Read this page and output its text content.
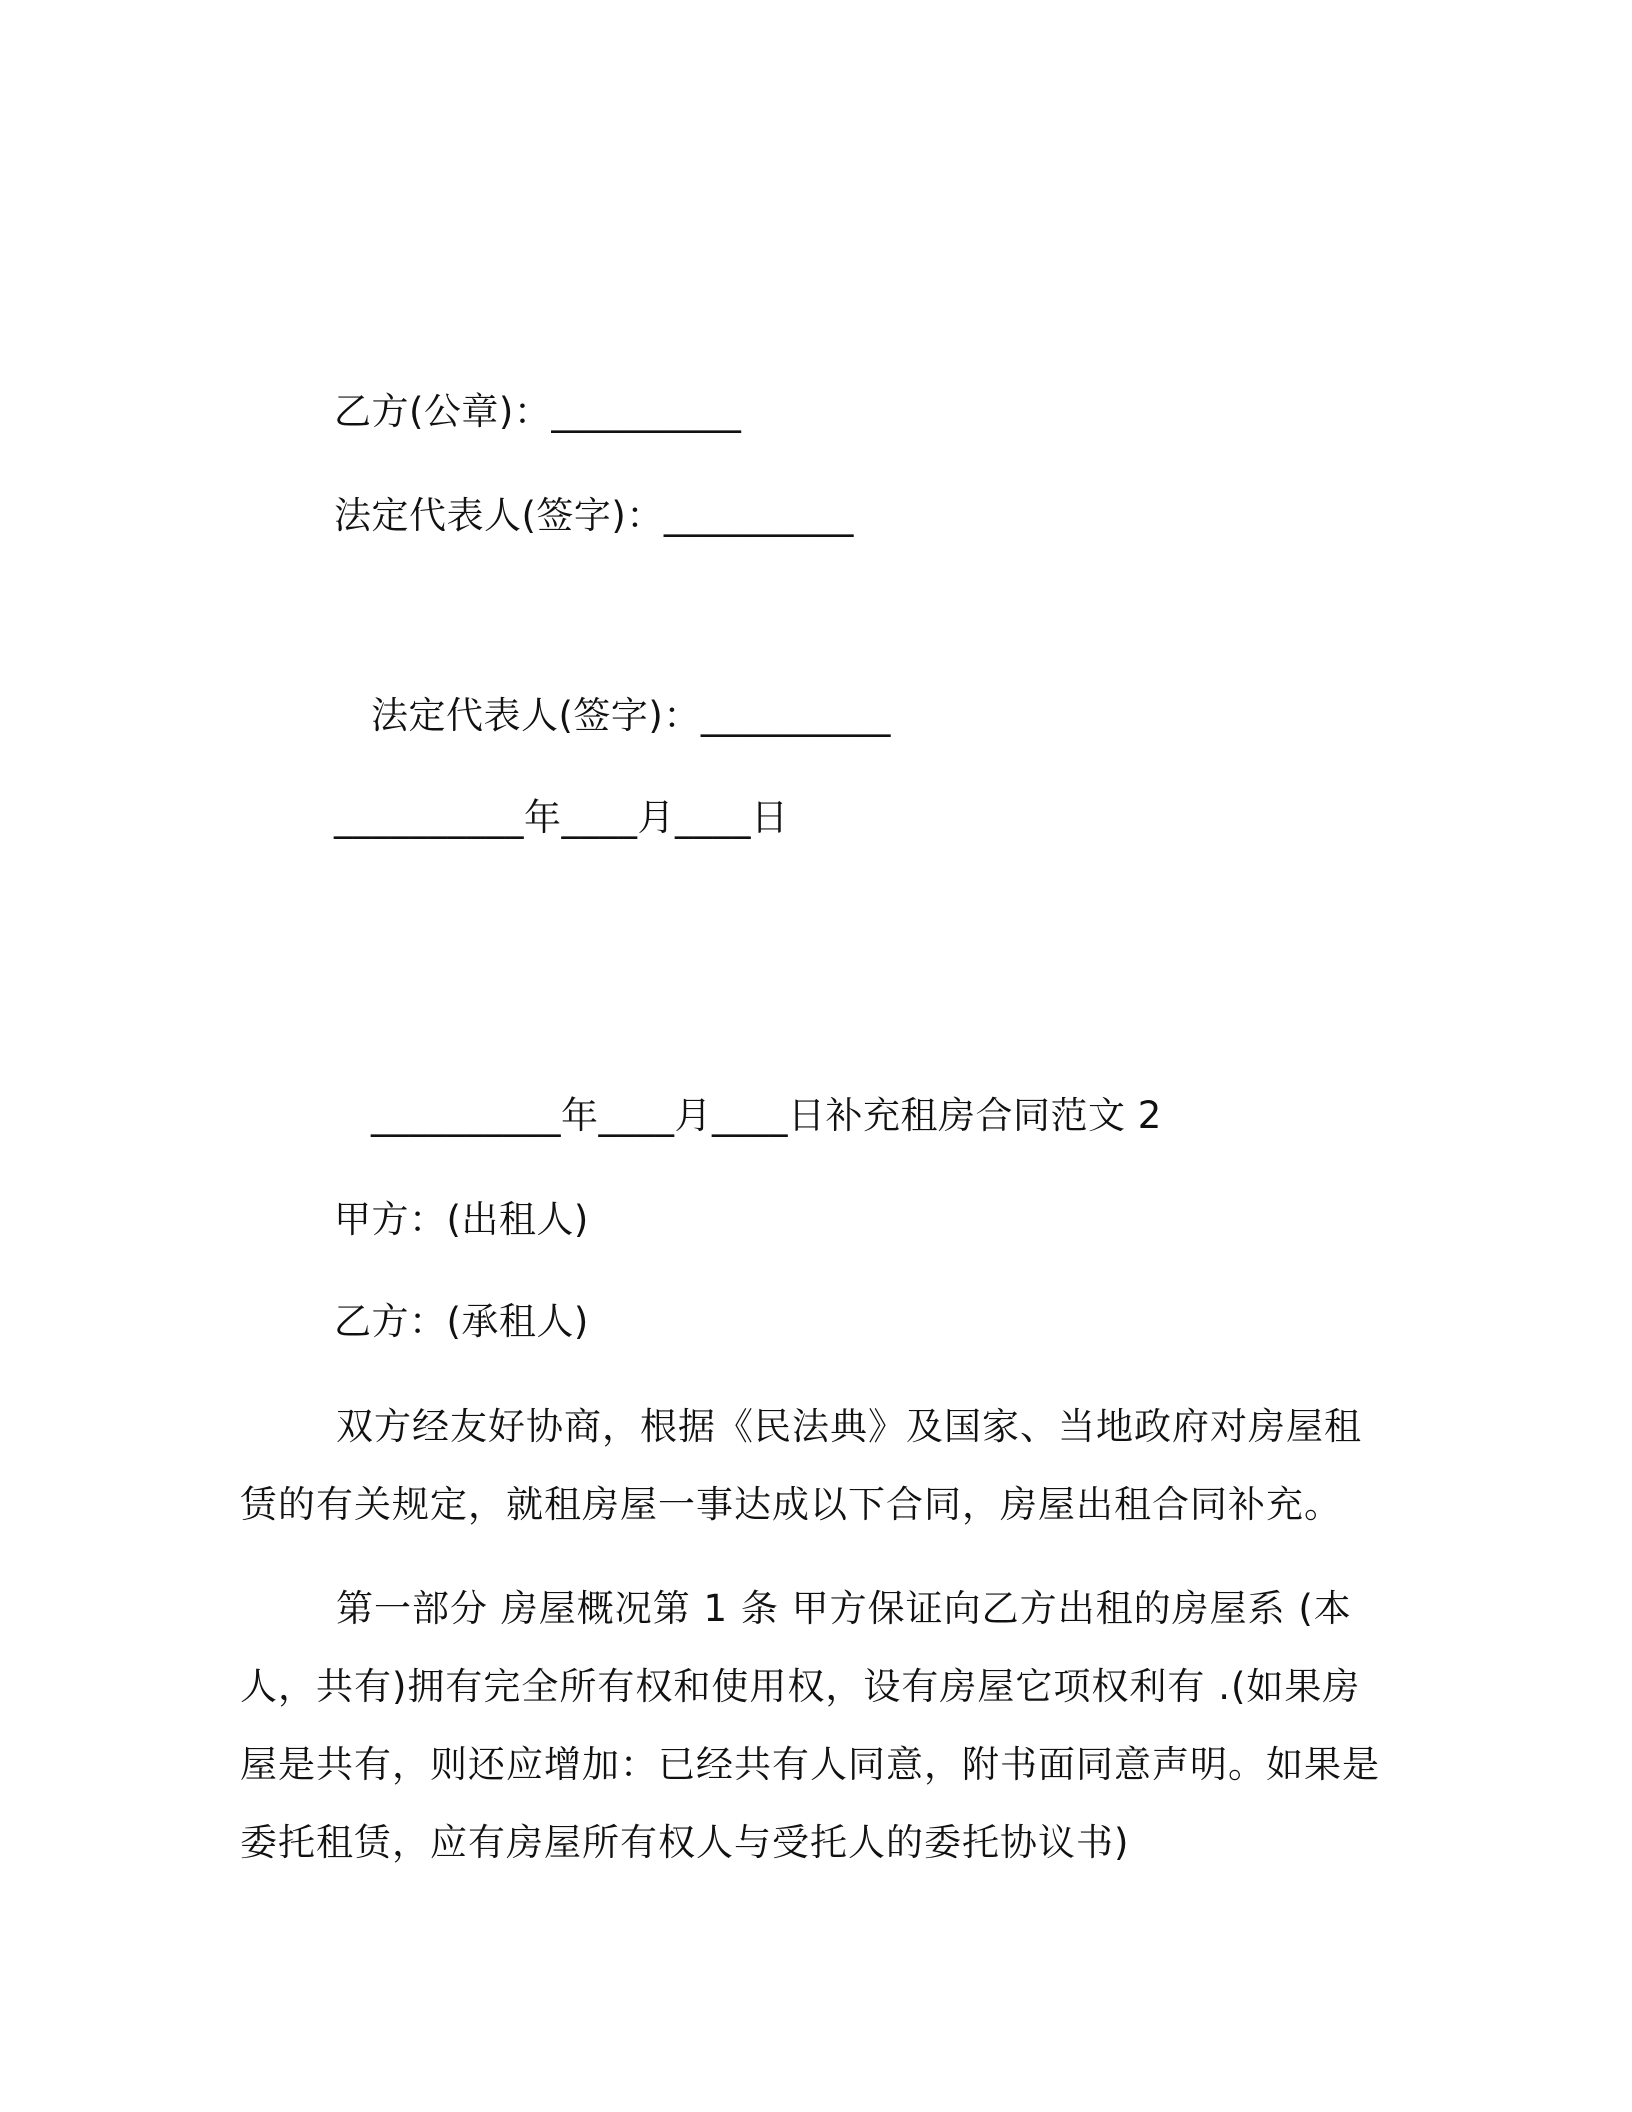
乙方(公章)：__________
法定代表人(签字)：__________
法定代表人(签字)：__________
__________年____月____日
__________年____月____日补充租房合同范文 2
甲方：(出租人)
乙方：(承租人)
双方经友好协商，根据《民法典》及国家、当地政府对房屋租赁的有关规定，就租房屋一事达成以下合同，房屋出租合同补充。
第一部分 房屋概况第 1 条 甲方保证向乙方出租的房屋系 (本人，共有)拥有完全所有权和使用权，设有房屋它项权利有 .(如果房屋是共有，则还应增加：已经共有人同意，附书面同意声明。如果是委托租赁，应有房屋所有权人与受托人的委托协议书)
